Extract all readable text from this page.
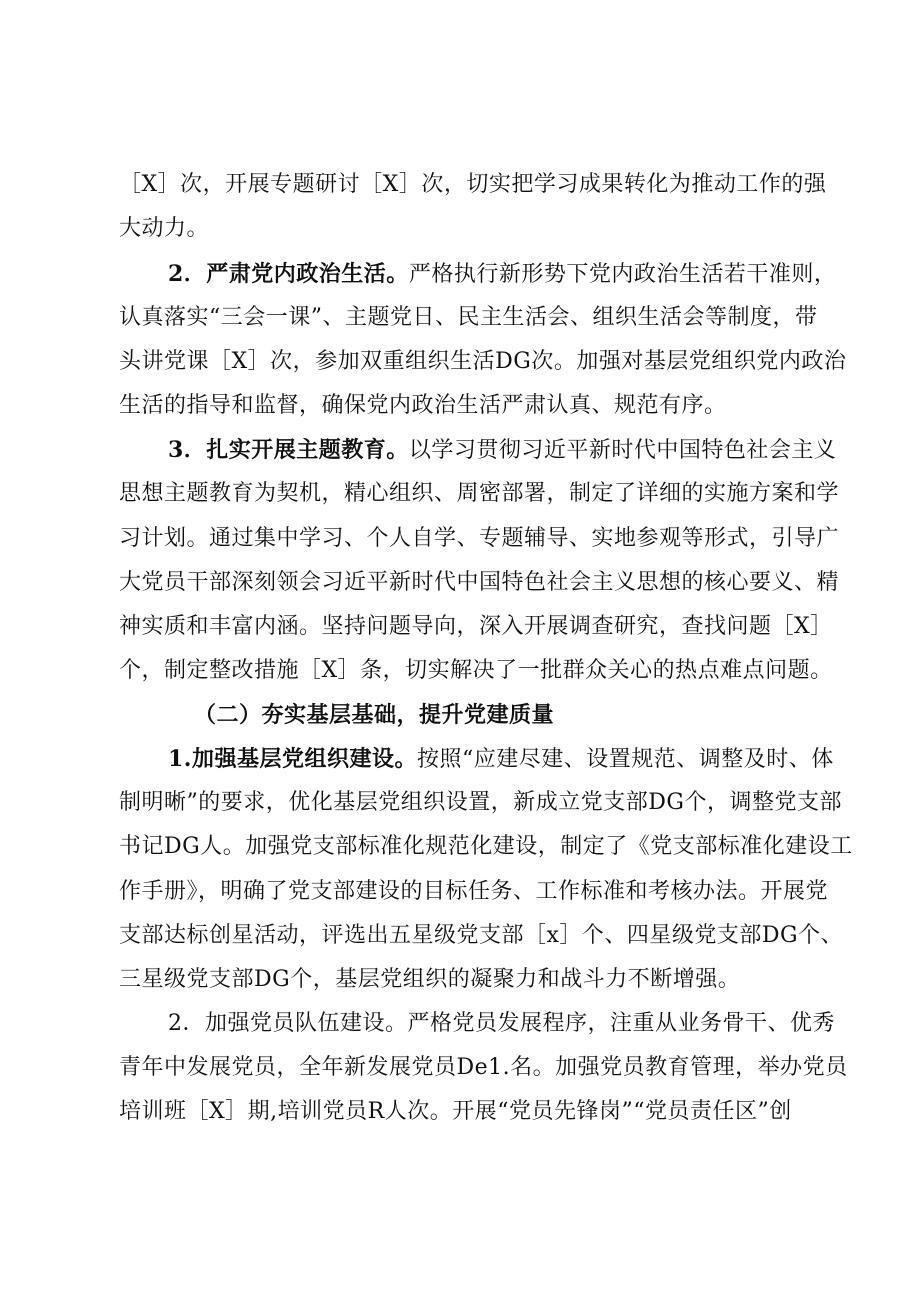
［X］次，开展专题研讨［X］次，切实把学习成果转化为推动工作的强
大动力。
2．严肃党内政治生活。严格执行新形势下党内政治生活若干准则，
认真落实“三会一课”、主题党日、民主生活会、组织生活会等制度，带
头讲党课［X］次，参加双重组织生活DG次。加强对基层党组织党内政治
生活的指导和监督，确保党内政治生活严肃认真、规范有序。
3．扎实开展主题教育。以学习贯彻习近平新时代中国特色社会主义
思想主题教育为契机，精心组织、周密部署，制定了详细的实施方案和学
习计划。通过集中学习、个人自学、专题辅导、实地参观等形式，引导广
大党员干部深刻领会习近平新时代中国特色社会主义思想的核心要义、精
神实质和丰富内涵。坚持问题导向，深入开展调查研究，查找问题［X］
个，制定整改措施［X］条，切实解决了一批群众关心的热点难点问题。
（二）夯实基层基础，提升党建质量
1.加强基层党组织建设。按照“应建尽建、设置规范、调整及时、体
制明晰”的要求，优化基层党组织设置，新成立党支部DG个，调整党支部
书记DG人。加强党支部标准化规范化建设，制定了《党支部标准化建设工
作手册》，明确了党支部建设的目标任务、工作标准和考核办法。开展党
支部达标创星活动，评选出五星级党支部［x］个、四星级党支部DG个、
三星级党支部DG个，基层党组织的凝聚力和战斗力不断增强。
2．加强党员队伍建设。严格党员发展程序，注重从业务骨干、优秀
青年中发展党员，全年新发展党员De1.名。加强党员教育管理，举办党员
培训班［X］期,培训党员R人次。开展“党员先锋岗”“党员责任区”创
